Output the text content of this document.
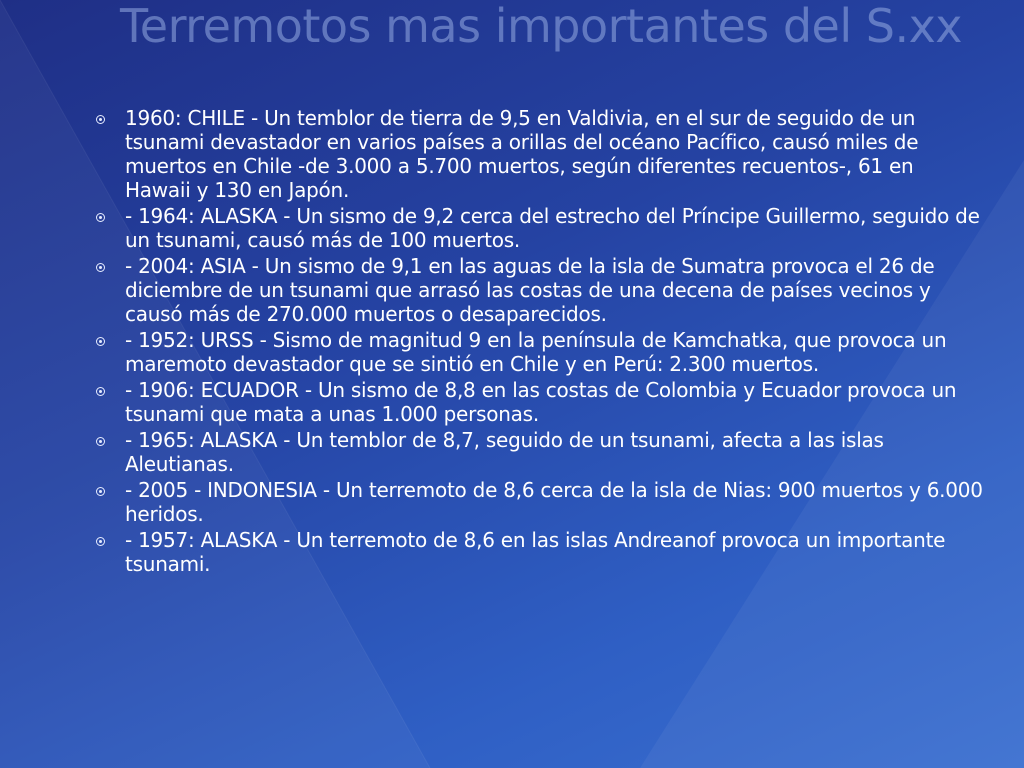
Terremotos mas importantes del S.xx
1960: CHILE - Un temblor de tierra de 9,5 en Valdivia, en el sur de seguido de un tsunami devastador en varios países a orillas del océano Pacífico, causó miles de muertos en Chile -de 3.000 a 5.700 muertos, según diferentes recuentos-, 61 en Hawaii y 130 en Japón.
- 1964: ALASKA - Un sismo de 9,2 cerca del estrecho del Príncipe Guillermo, seguido de un tsunami, causó más de 100 muertos.
- 2004: ASIA - Un sismo de 9,1 en las aguas de la isla de Sumatra provoca el 26 de diciembre de un tsunami que arrasó las costas de una decena de países vecinos y causó más de 270.000 muertos o desaparecidos.
- 1952: URSS - Sismo de magnitud 9 en la península de Kamchatka, que provoca un maremoto devastador que se sintió en Chile y en Perú: 2.300 muertos.
- 1906: ECUADOR - Un sismo de 8,8 en las costas de Colombia y Ecuador provoca un tsunami que mata a unas 1.000 personas.
- 1965: ALASKA - Un temblor de 8,7, seguido de un tsunami, afecta a las islas Aleutianas.
- 2005 - INDONESIA - Un terremoto de 8,6 cerca de la isla de Nias: 900 muertos y 6.000 heridos.
- 1957: ALASKA - Un terremoto de 8,6 en las islas Andreanof provoca un importante tsunami.
